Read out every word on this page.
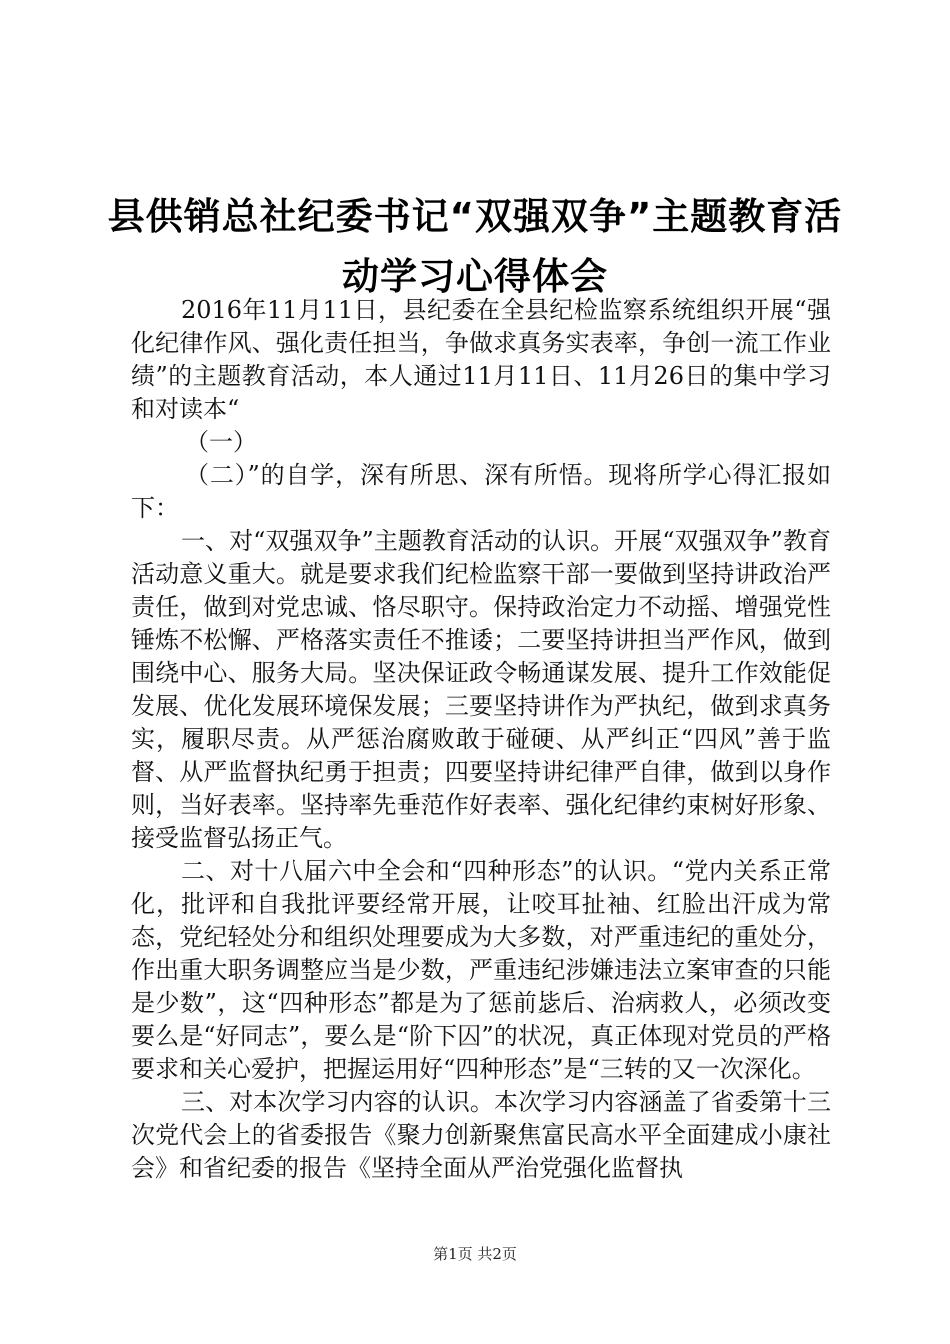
县供销总社纪委书记“双强双争”主题教育活
动学习心得体会

2016年11月11日，县纪委在全县纪检监察系统组织开展“强化纪律作风、强化责任担当，争做求真务实表率，争创一流工作业绩”的主题教育活动，本人通过11月11日、11月26日的集中学习和对读本“

（一）

（二）”的自学，深有所思、深有所悟。现将所学心得汇报如下：

一、对“双强双争”主题教育活动的认识。开展“双强双争”教育活动意义重大。就是要求我们纪检监察干部一要做到坚持讲政治严责任，做到对党忠诚、恪尽职守。保持政治定力不动摇、增强党性锤炼不松懈、严格落实责任不推诿；二要坚持讲担当严作风，做到围绕中心、服务大局。坚决保证政令畅通谋发展、提升工作效能促发展、优化发展环境保发展；三要坚持讲作为严执纪，做到求真务实，履职尽责。从严惩治腐败敢于碰硬、从严纠正“四风”善于监督、从严监督执纪勇于担责；四要坚持讲纪律严自律，做到以身作则，当好表率。坚持率先垂范作好表率、强化纪律约束树好形象、接受监督弘扬正气。

二、对十八届六中全会和“四种形态”的认识。“党内关系正常化，批评和自我批评要经常开展，让咬耳扯袖、红脸出汗成为常态，党纪轻处分和组织处理要成为大多数，对严重违纪的重处分，作出重大职务调整应当是少数，严重违纪涉嫌违法立案审查的只能是少数”，这“四种形态”都是为了惩前毖后、治病救人，必须改变要么是“好同志”，要么是“阶下囚”的状况，真正体现对党员的严格要求和关心爱护，把握运用好“四种形态”是“三转的又一次深化。

三、对本次学习内容的认识。本次学习内容涵盖了省委第十三次党代会上的省委报告《聚力创新聚焦富民高水平全面建成小康社会》和省纪委的报告《坚持全面从严治党强化监督执

第1页 共2页
